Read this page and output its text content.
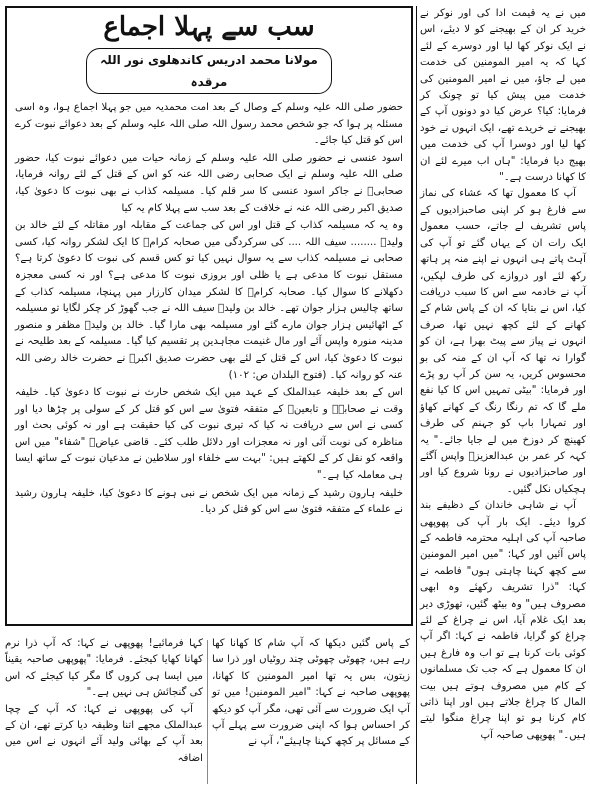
میں نے یہ قیمت ادا کی اور نوکر نے خرید کر ان کے بھیجنے کو لا دیئے، اس نے ایک نوکر کھا لیا اور دوسرے کے لئے کہا کہ یہ امیر المومنین کی خدمت میں لے جاؤ، میں نے امیر المومنین کی خدمت میں پیش کیا تو چونک کر فرمایا: کیا؟ عرض کیا دو دونوں آپ کے بھیجنے نے خریدے تھے، ایک انہوں نے خود کھا لیا اور دوسرا آپ کی خدمت میں بھیج دیا فرمایا: "ہاں اب میرے لئے ان کا کھانا درست ہے۔"

آپ کا معمول تھا کہ عشاء کی نماز سے فارغ ہو کر اپنی صاحبزادیوں کے پاس تشریف لے جاتے، حسب معمول ایک رات ان کے یہاں گئے تو آپ کی آہٹ پاتے ہی انہوں نے اپنے منہ پر ہاتھ رکھ لئے اور دروازے کی طرف لپکیں، آپ نے خادمہ سے اس کا سبب دریافت کیا، اس نے بتایا کہ ان کے پاس شام کے کھانے کے لئے کچھ نہیں تھا، صرف انہوں نے پیاز سے پیٹ بھرا ہے، ان کو گوارا نہ تھا کہ آپ ان کے منہ کی بو محسوس کریں، یہ سن کر آپ رو پڑے اور فرمایا: "بیٹی تمہیں اس کا کیا نفع ملے گا کہ تم رنگا رنگ کے کھانے کھاؤ اور تمہارا باپ کو جہنم کی طرف کھینچ کر دوزخ میں لے جایا جائے۔" یہ کہہ کر عمر بن عبدالعزیزؒ واپس آگئے اور صاحبزادیوں نے رونا شروع کیا اور ہچکیاں نکل گئیں۔

آپ نے شاہی خاندان کے دظیفے بند کروا دیئے۔ ایک بار آپ کی پھوپھی صاحبہ آپ کی اہلیہ محترمہ فاطمہ کے پاس آئیں اور کہا: "میں امیر المومنین سے کچھ کہنا چاہتی ہوں" فاطمہ نے کہا: "ذرا تشریف رکھئے وہ ابھی مصروف ہیں" وہ بیٹھ گئیں، تھوڑی دیر بعد ایک غلام آیا، اس نے چراغ کے لئے چراغ کو گرایا، فاطمہ نے کہا: اگر آپ کوئی بات کرنا ہے تو اب وہ فارغ ہیں ان کا معمول ہے کہ جب تک مسلمانوں کے کام میں مصروف ہوتے ہیں بیت المال کا چراغ جلاتے ہیں اور اپنا ذاتی کام کرنا ہو تو اپنا چراغ منگوا لیتے ہیں۔" پھوپھی صاحبہ آپ

سب سے پہلا اجماع
مولانا محمد ادریس کاندھلوی نور اللہ مرقدہ

حضور صلی اللہ علیہ وسلم کے وصال کے بعد امت محمدیہ میں جو پہلا اجماع ہوا، وہ اسی مسئلہ پر ہوا کہ جو شخص محمد رسول اللہ صلی اللہ علیہ وسلم کے بعد دعوائے نبوت کرے اس کو قتل کیا جائے۔

اسود عنسی نے حضور صلی اللہ علیہ وسلم کے زمانہ حیات میں دعوائے نبوت کیا، حضور صلی اللہ علیہ وسلم نے ایک صحابی رضی اللہ عنہ کو اس کے قتل کے لئے روانہ فرمایا، صحابیؓ نے جاکر اسود عنسی کا سر قلم کیا۔ مسیلمہ کذاب نے بھی نبوت کا دعویٰ کیا، صدیق اکبر رضی اللہ عنہ نے خلافت کے بعد سب سے پہلا کام یہ کیا

وہ یہ کہ مسیلمہ کذاب کے قتل اور اس کی جماعت کے مقابلہ اور مقاتلہ کے لئے خالد بن ولیدؓ ........ سیف اللہ .... کی سرکردگی میں صحابہ کرامؓ کا ایک لشکر روانہ کیا، کسی صحابی نے مسیلمہ کذاب سے یہ سوال نہیں کیا تو کس قسم کی نبوت کا دعویٰ کرتا ہے؟ مستقل نبوت کا مدعی ہے یا ظلی اور بروزی نبوت کا مدعی ہے؟ اور نہ کسی معجزہ دکھلانے کا سوال کیا۔ صحابہ کرامؓ کا لشکر میدان کارزار میں پہنچا، مسیلمہ کذاب کے ساتھ چالیس ہزار جوان تھے۔ خالد بن ولیدؓ سیف اللہ نے جب گھوڑ کر چکر لگایا تو مسیلمہ کے اٹھائیس ہزار جوان مارے گئے اور مسیلمہ بھی مارا گیا۔ خالد بن ولیدؓ مظفر و منصور مدینہ منورہ واپس آئے اور مال غنیمت مجاہدین پر تقسیم کیا گیا۔ مسیلمہ کے بعد طلیحہ نے نبوت کا دعویٰ کیا، اس کے قتل کے لئے بھی حضرت صدیق اکبرؓ نے حضرت خالد رضی اللہ عنہ کو روانہ کیا۔ (فتوح البلدان ص: ۱۰۲)

اس کے بعد خلیفہ عبدالملک کے عہد میں ایک شخص حارث نے نبوت کا دعویٰ کیا۔ خلیفہ وقت نے صحابہؓ و تابعینؒ کے متفقہ فتویٰ سے اس کو قتل کر کے سولی پر چڑھا دیا اور کسی نے اس سے دریافت نہ کیا کہ تیری نبوت کی کیا حقیقت ہے اور نہ کوئی بحث اور مناظرہ کی نوبت آئی اور نہ معجزات اور دلائل طلب کئے۔ قاضی عیاضؒ "شفاء" میں اس واقعہ کو نقل کر کے لکھتے ہیں: "بہت سے خلفاء اور سلاطین نے مدعیان نبوت کے ساتھ ایسا ہی معاملہ کیا ہے۔"

خلیفہ ہارون رشید کے زمانہ میں ایک شخص نے نبی ہونے کا دعویٰ کیا، خلیفہ ہارون رشید نے علماء کے متفقہ فتویٰ سے اس کو قتل کر دیا۔

کے پاس گئیں دیکھا کہ آپ شام کا کھانا کھا رہے ہیں، چھوٹی چھوٹی چند روٹیاں اور ذرا سا زیتون، بس یہ تھا امیر المومنین کا کھانا، پھوپھی صاحبہ نے کہا: "امیر المومنین! میں تو آپ ایک ضرورت سے آئی تھی، مگر آپ کو دیکھ کر احساس ہوا کہ اپنی ضرورت سے پہلے آپ کے مسائل پر کچھ کہنا چاہیئے"، آپ نے

کہا فرمائیے! پھوپھی نے کہا: کہ آپ ذرا نرم کھانا کھایا کیجئے۔ فرمایا: "پھوپھی صاحبہ یقیناً میں ایسا ہی کروں گا مگر کیا کیجئے کہ اس کی گنجائش ہی نہیں ہے۔"

آپ کی پھوپھی نے کہا: کہ آپ کے چچا عبدالملک مجھے اتنا وظیفہ دیا کرتے تھے، ان کے بعد آپ کے بھائی ولید آئے انہوں نے اس میں اضافہ
